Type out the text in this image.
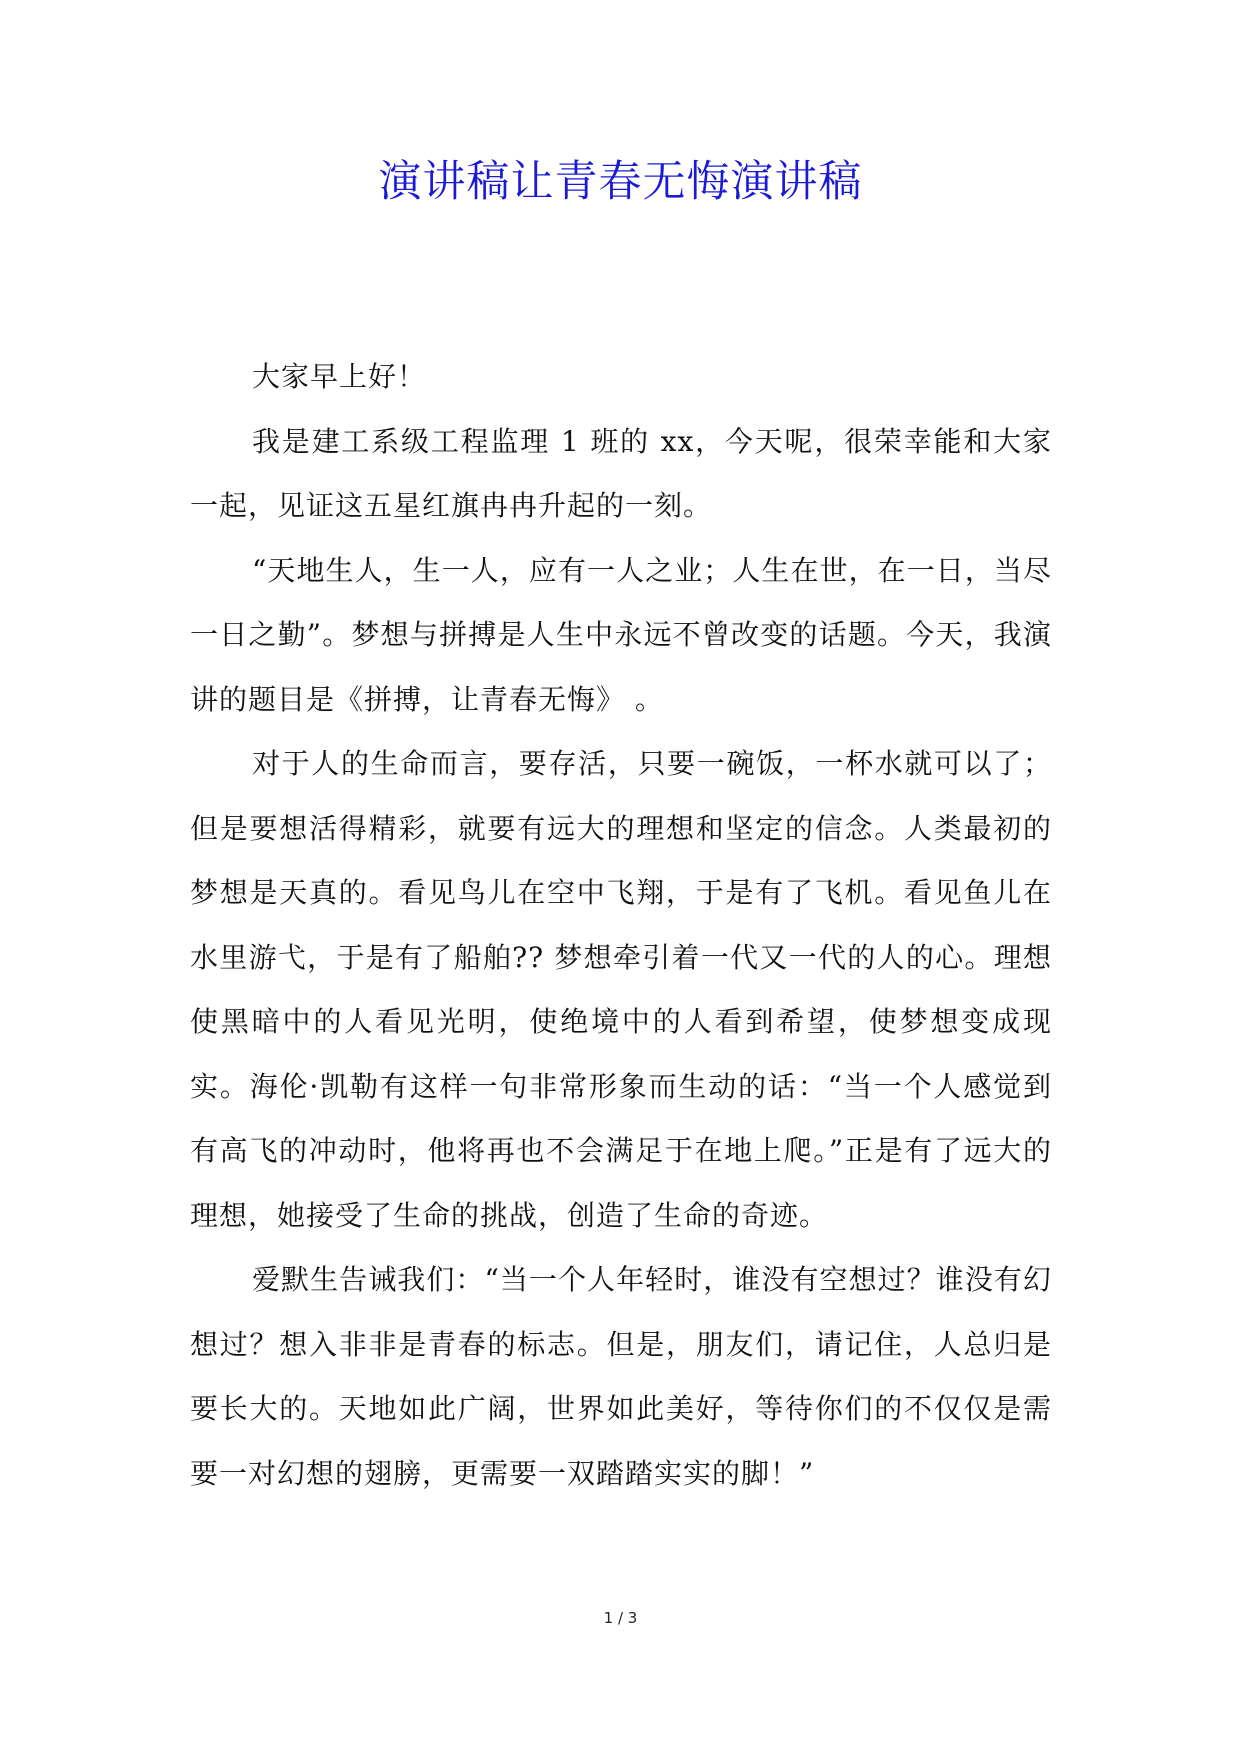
演讲稿让青春无悔演讲稿

大家早上好！

我是建工系级工程监理 1 班的 xx，今天呢，很荣幸能和大家一起，见证这五星红旗冉冉升起的一刻。

“天地生人，生一人，应有一人之业；人生在世，在一日，当尽一日之勤”。梦想与拼搏是人生中永远不曾改变的话题。今天，我演讲的题目是《拼搏，让青春无悔》 。

对于人的生命而言，要存活，只要一碗饭，一杯水就可以了；但是要想活得精彩，就要有远大的理想和坚定的信念。人类最初的梦想是天真的。看见鸟儿在空中飞翔，于是有了飞机。看见鱼儿在水里游弋，于是有了船舶?? 梦想牵引着一代又一代的人的心。理想使黑暗中的人看见光明，使绝境中的人看到希望，使梦想变成现实。海伦·凯勒有这样一句非常形象而生动的话：“当一个人感觉到有高飞的冲动时，他将再也不会满足于在地上爬。”正是有了远大的理想，她接受了生命的挑战，创造了生命的奇迹。

爱默生告诫我们：“当一个人年轻时，谁没有空想过？谁没有幻想过？想入非非是青春的标志。但是，朋友们，请记住，人总归是要长大的。天地如此广阔，世界如此美好，等待你们的不仅仅是需要一对幻想的翅膀，更需要一双踏踏实实的脚！”

1 / 3
